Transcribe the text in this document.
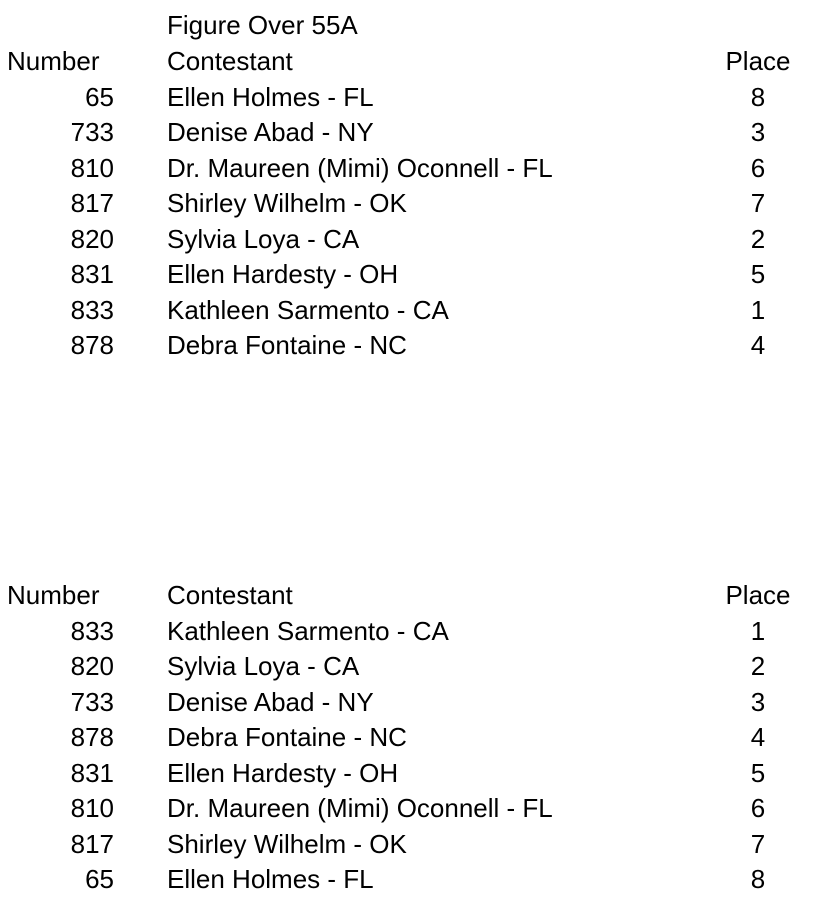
Figure Over 55A
Number	Contestant	Place
65	Ellen Holmes - FL	8
733	Denise Abad - NY	3
810	Dr. Maureen (Mimi) Oconnell - FL	6
817	Shirley Wilhelm - OK	7
820	Sylvia Loya - CA	2
831	Ellen Hardesty - OH	5
833	Kathleen Sarmento - CA	1
878	Debra Fontaine - NC	4
Number	Contestant	Place
833	Kathleen Sarmento - CA	1
820	Sylvia Loya - CA	2
733	Denise Abad - NY	3
878	Debra Fontaine - NC	4
831	Ellen Hardesty - OH	5
810	Dr. Maureen (Mimi) Oconnell - FL	6
817	Shirley Wilhelm - OK	7
65	Ellen Holmes - FL	8
